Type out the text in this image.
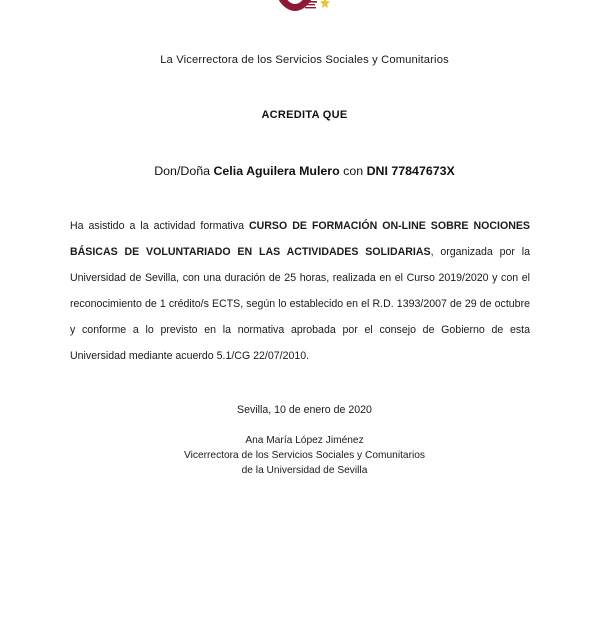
La Vicerrectora de los Servicios Sociales y Comunitarios
ACREDITA QUE
Don/Doña Celia Aguilera Mulero con DNI 77847673X
Ha asistido a la actividad formativa CURSO DE FORMACIÓN ON-LINE SOBRE NOCIONES BÁSICAS DE VOLUNTARIADO EN LAS ACTIVIDADES SOLIDARIAS, organizada por la Universidad de Sevilla, con una duración de 25 horas, realizada en el Curso 2019/2020 y con el reconocimiento de 1 crédito/s ECTS, según lo establecido en el R.D. 1393/2007 de 29 de octubre y conforme a lo previsto en la normativa aprobada por el consejo de Gobierno de esta Universidad mediante acuerdo 5.1/CG 22/07/2010.
Sevilla, 10 de enero de 2020
Ana María López Jiménez
Vicerrectora de los Servicios Sociales y Comunitarios
de la Universidad de Sevilla
